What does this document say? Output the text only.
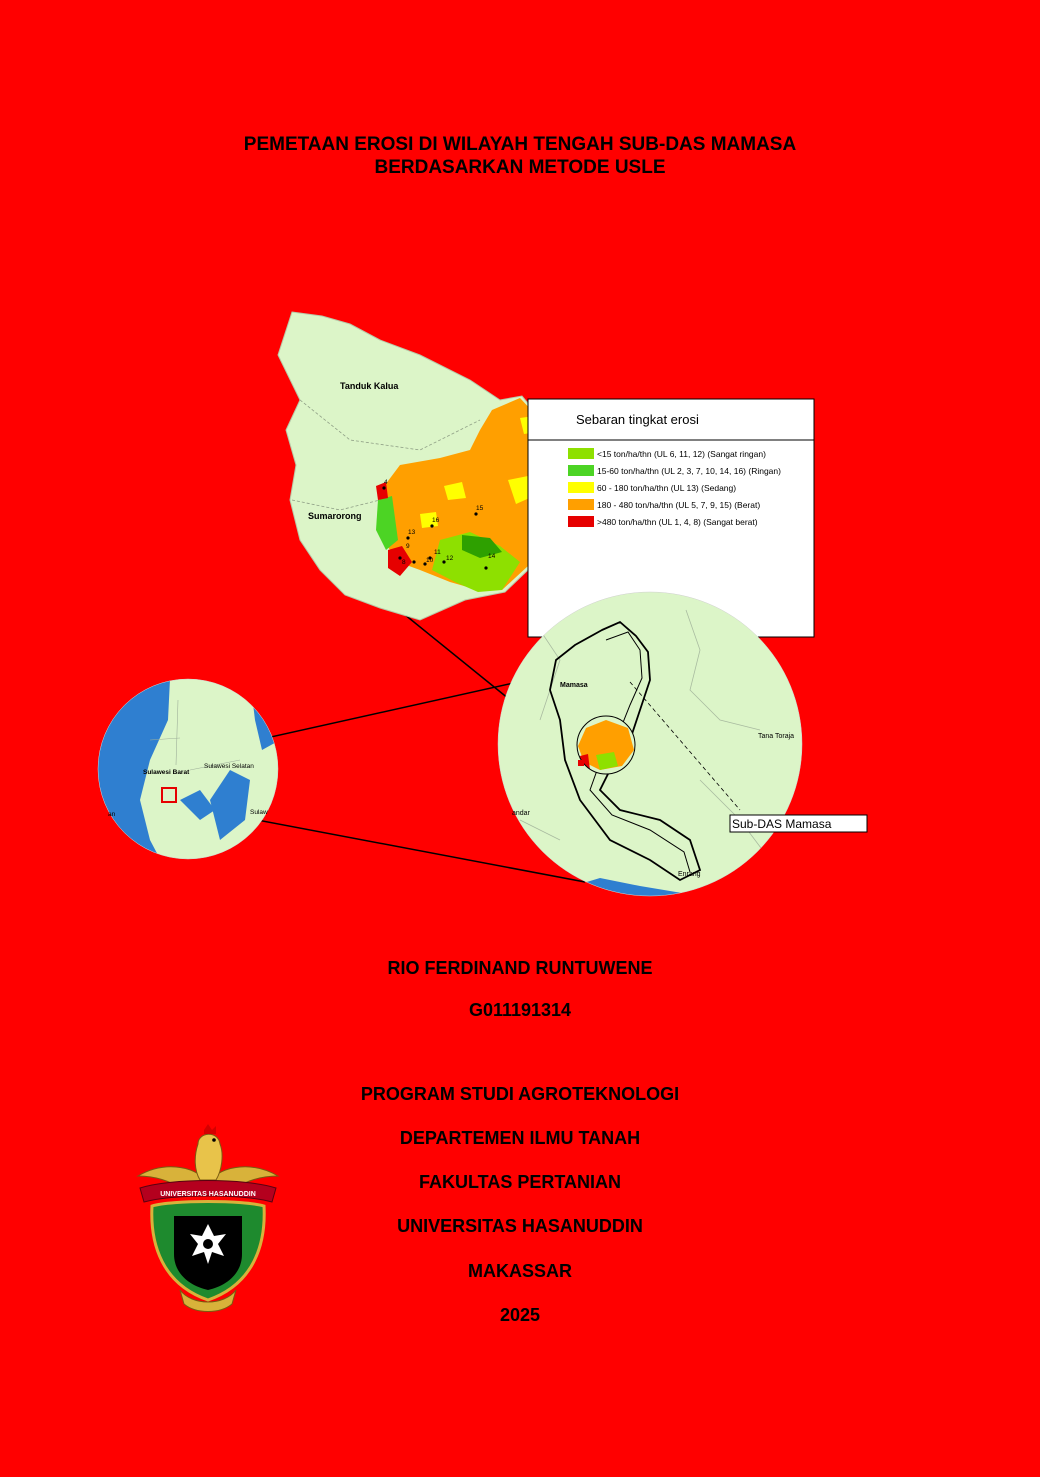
PEMETAAN EROSI DI WILAYAH TENGAH SUB-DAS MAMASA
BERDASARKAN METODE USLE
Tanduk Kalua
Sumarorong
4
13
16
15
11
12	14
8
9
10
Sebaran tingkat erosi
<15 ton/ha/thn (UL 6, 11, 12) (Sangat ringan)
15-60 ton/ha/thn (UL 2, 3, 7, 10, 14, 16) (Ringan)
60 - 180 ton/ha/thn (UL 13) (Sedang)
180 - 480 ton/ha/thn (UL 5, 7, 9, 15) (Berat)
>480 ton/ha/thn (UL 1, 4, 8) (Sangat berat)
Sulawesi Barat
Sulawesi Selatan
Sulaw
an
Mamasa
Tana Toraja
andar
Enrang
Sub-DAS Mamasa
RIO FERDINAND RUNTUWENE
G011191314
PROGRAM STUDI AGROTEKNOLOGI
DEPARTEMEN ILMU TANAH
FAKULTAS PERTANIAN
UNIVERSITAS HASANUDDIN
MAKASSAR
2025
UNIVERSITAS HASANUDDIN
